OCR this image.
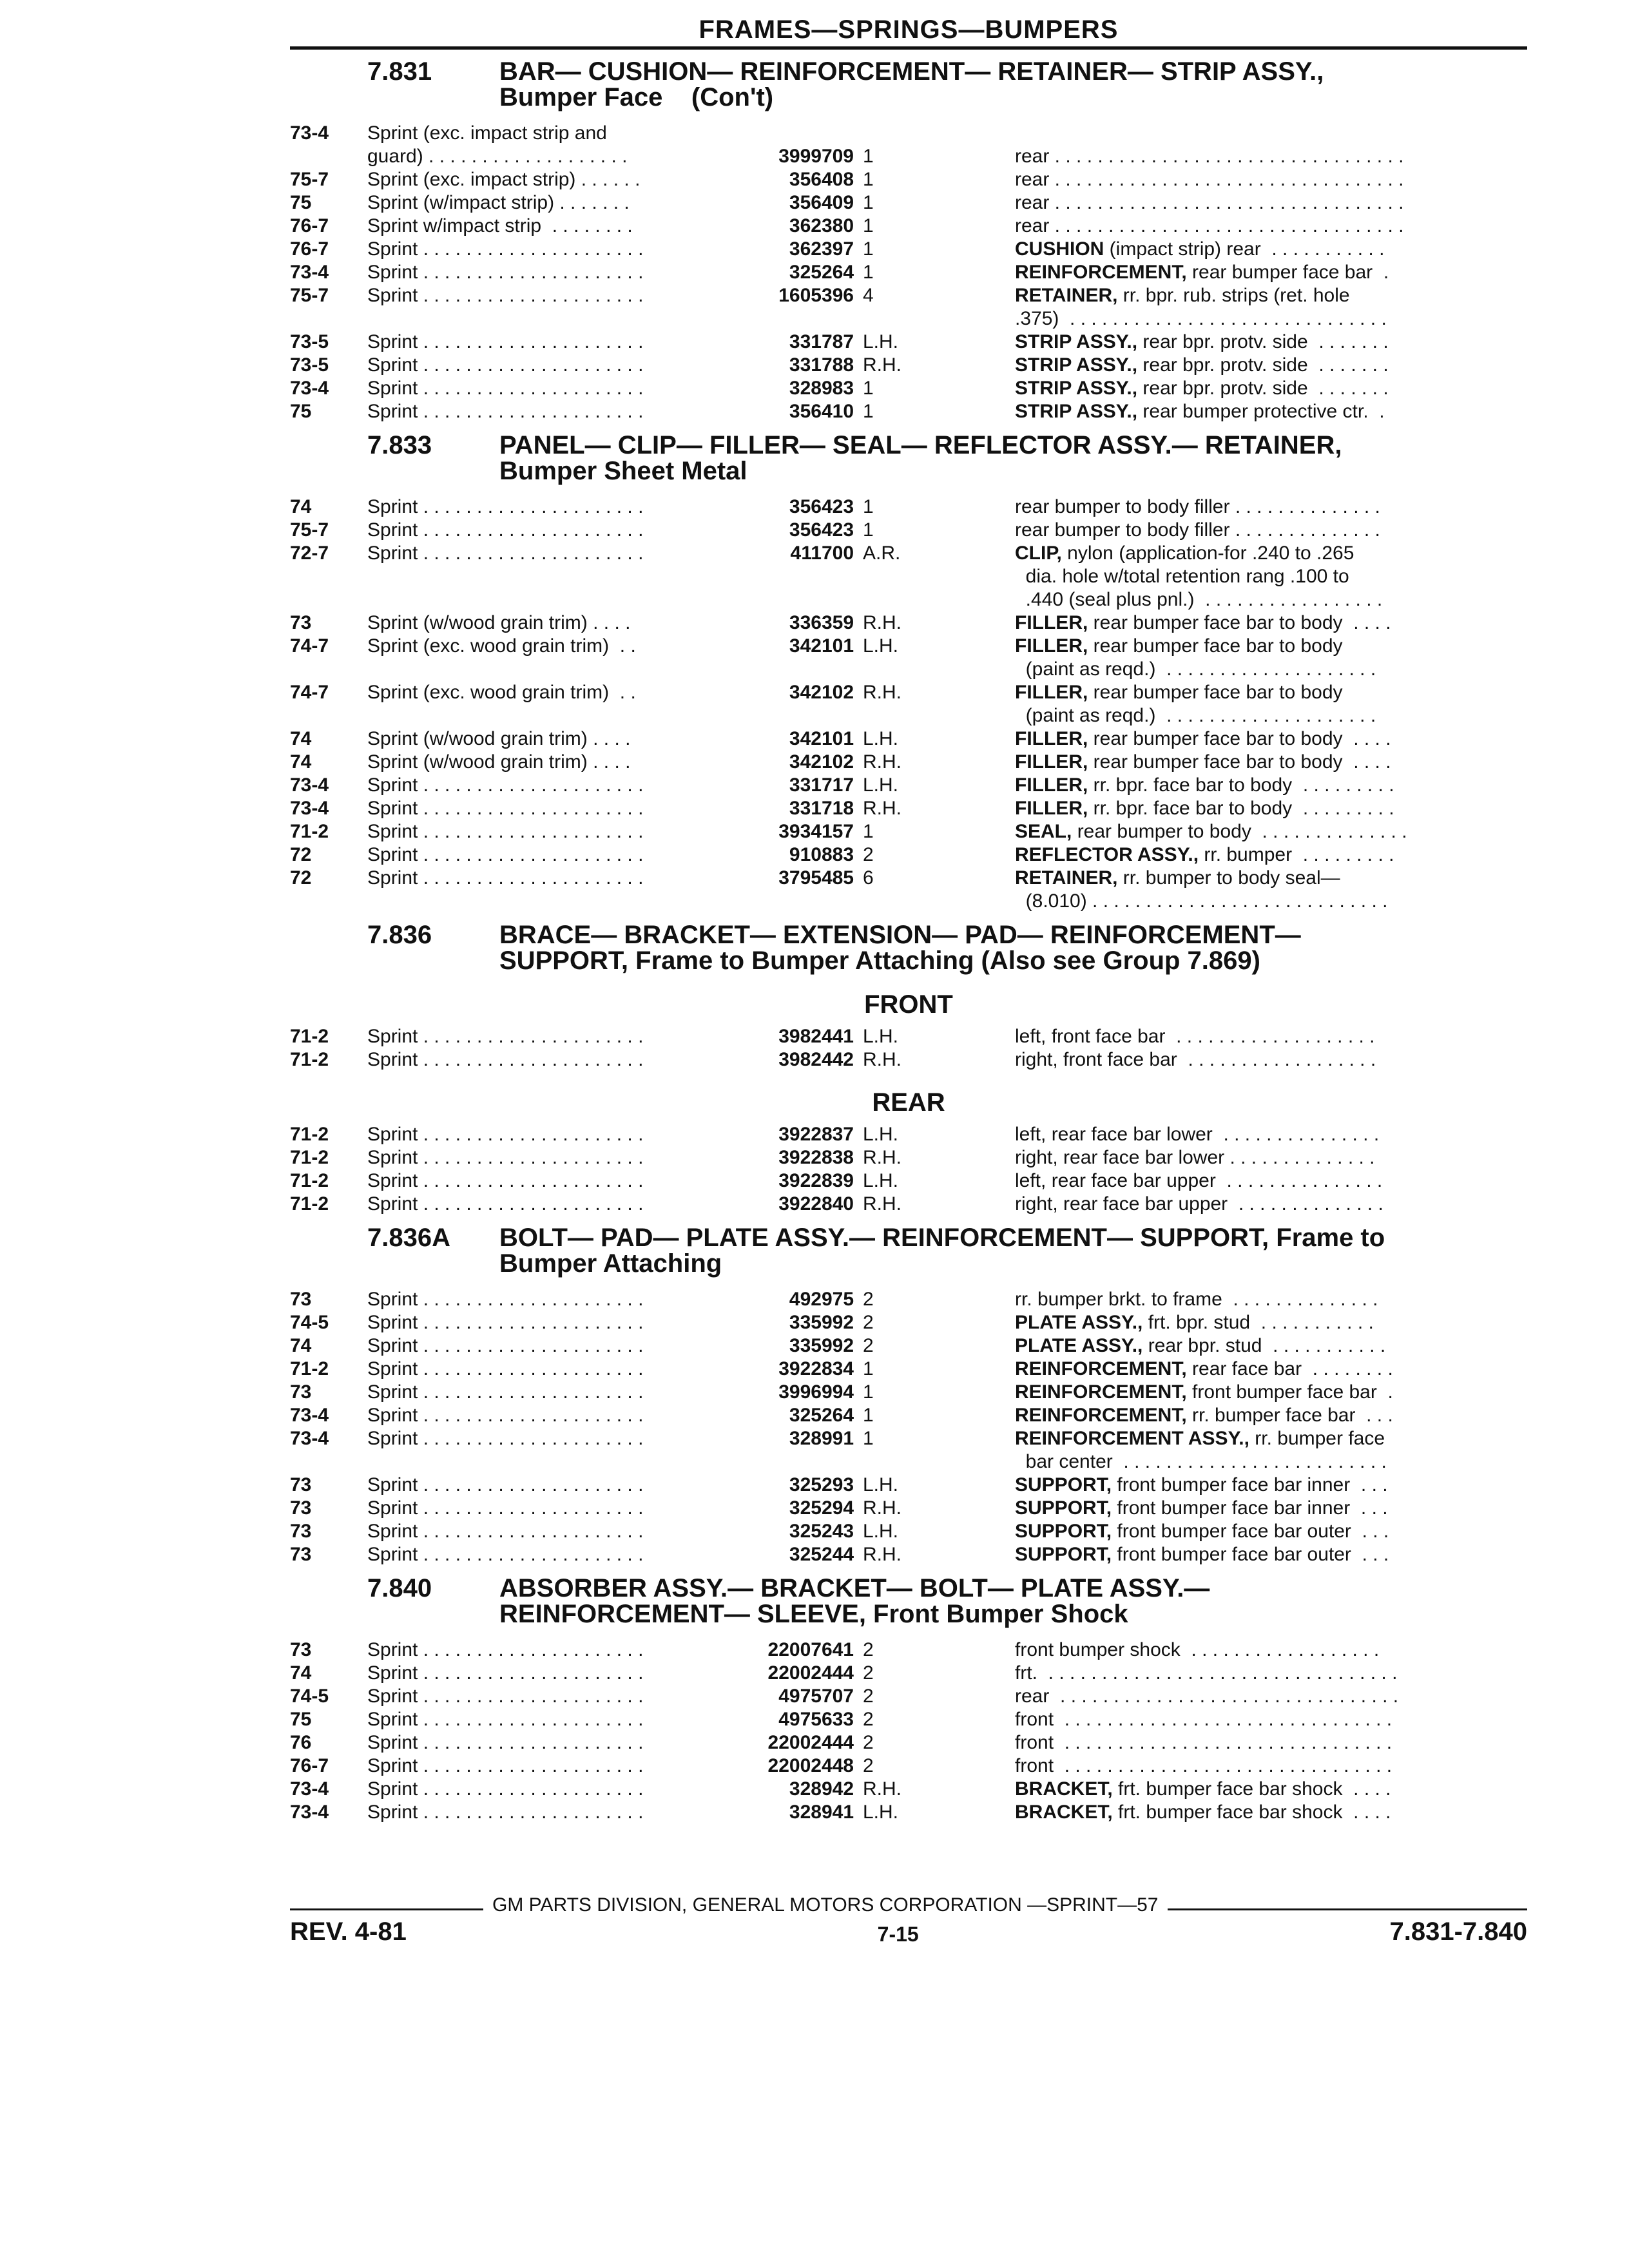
FRAMES—SPRINGS—BUMPERS
7.831	BAR— CUSHION— REINFORCEMENT— RETAINER— STRIP ASSY.,
Bumper Face    (Con't)
73-4	Sprint (exc. impact strip and
guard) . . . . . . . . . . . . . . . . . . .	3999709 1	rear . . . . . . . . . . . . . . . . . . . . . . . . . . . . . . . . .
75-7	Sprint (exc. impact strip) . . . . . .	356408 1	rear . . . . . . . . . . . . . . . . . . . . . . . . . . . . . . . . .
75	Sprint (w/impact strip) . . . . . . .	356409 1	rear . . . . . . . . . . . . . . . . . . . . . . . . . . . . . . . . .
76-7	Sprint w/impact strip  . . . . . . . .	362380 1	rear . . . . . . . . . . . . . . . . . . . . . . . . . . . . . . . . .
76-7	Sprint . . . . . . . . . . . . . . . . . . . . .	362397 1	CUSHION (impact strip) rear  . . . . . . . . . . .
73-4	Sprint . . . . . . . . . . . . . . . . . . . . .	325264 1	REINFORCEMENT, rear bumper face bar  .
75-7	Sprint . . . . . . . . . . . . . . . . . . . . .	1605396 4	RETAINER, rr. bpr. rub. strips (ret. hole
.375)  . . . . . . . . . . . . . . . . . . . . . . . . . . . . . .
73-5	Sprint . . . . . . . . . . . . . . . . . . . . .	331787 L.H.	STRIP ASSY., rear bpr. protv. side  . . . . . . .
73-5	Sprint . . . . . . . . . . . . . . . . . . . . .	331788 R.H.	STRIP ASSY., rear bpr. protv. side  . . . . . . .
73-4	Sprint . . . . . . . . . . . . . . . . . . . . .	328983 1	STRIP ASSY., rear bpr. protv. side  . . . . . . .
75	Sprint . . . . . . . . . . . . . . . . . . . . .	356410 1	STRIP ASSY., rear bumper protective ctr.  .
7.833	PANEL— CLIP— FILLER— SEAL— REFLECTOR ASSY.— RETAINER,
Bumper Sheet Metal
74	Sprint . . . . . . . . . . . . . . . . . . . . .	356423 1	rear bumper to body filler . . . . . . . . . . . . . .
75-7	Sprint . . . . . . . . . . . . . . . . . . . . .	356423 1	rear bumper to body filler . . . . . . . . . . . . . .
72-7	Sprint . . . . . . . . . . . . . . . . . . . . .	411700 A.R.	CLIP, nylon (application-for .240 to .265
dia. hole w/total retention rang .100 to
.440 (seal plus pnl.)  . . . . . . . . . . . . . . . . .
73	Sprint (w/wood grain trim) . . . .	336359 R.H.	FILLER, rear bumper face bar to body  . . . .
74-7	Sprint (exc. wood grain trim)  . .	342101 L.H.	FILLER, rear bumper face bar to body
(paint as reqd.)  . . . . . . . . . . . . . . . . . . . .
74-7	Sprint (exc. wood grain trim)  . .	342102 R.H.	FILLER, rear bumper face bar to body
(paint as reqd.)  . . . . . . . . . . . . . . . . . . . .
74	Sprint (w/wood grain trim) . . . .	342101 L.H.	FILLER, rear bumper face bar to body  . . . .
74	Sprint (w/wood grain trim) . . . .	342102 R.H.	FILLER, rear bumper face bar to body  . . . .
73-4	Sprint . . . . . . . . . . . . . . . . . . . . .	331717 L.H.	FILLER, rr. bpr. face bar to body  . . . . . . . . .
73-4	Sprint . . . . . . . . . . . . . . . . . . . . .	331718 R.H.	FILLER, rr. bpr. face bar to body  . . . . . . . . .
71-2	Sprint . . . . . . . . . . . . . . . . . . . . .	3934157 1	SEAL, rear bumper to body  . . . . . . . . . . . . . .
72	Sprint . . . . . . . . . . . . . . . . . . . . .	910883 2	REFLECTOR ASSY., rr. bumper  . . . . . . . . .
72	Sprint . . . . . . . . . . . . . . . . . . . . .	3795485 6	RETAINER, rr. bumper to body seal—
(8.010) . . . . . . . . . . . . . . . . . . . . . . . . . . . .
7.836	BRACE— BRACKET— EXTENSION— PAD— REINFORCEMENT—
SUPPORT, Frame to Bumper Attaching (Also see Group 7.869)
FRONT
71-2	Sprint . . . . . . . . . . . . . . . . . . . . .	3982441 L.H.	left, front face bar  . . . . . . . . . . . . . . . . . . .
71-2	Sprint . . . . . . . . . . . . . . . . . . . . .	3982442 R.H.	right, front face bar  . . . . . . . . . . . . . . . . . .
REAR
71-2	Sprint . . . . . . . . . . . . . . . . . . . . .	3922837 L.H.	left, rear face bar lower  . . . . . . . . . . . . . . .
71-2	Sprint . . . . . . . . . . . . . . . . . . . . .	3922838 R.H.	right, rear face bar lower . . . . . . . . . . . . . .
71-2	Sprint . . . . . . . . . . . . . . . . . . . . .	3922839 L.H.	left, rear face bar upper  . . . . . . . . . . . . . . .
71-2	Sprint . . . . . . . . . . . . . . . . . . . . .	3922840 R.H.	right, rear face bar upper  . . . . . . . . . . . . . .
7.836A	BOLT— PAD— PLATE ASSY.— REINFORCEMENT— SUPPORT, Frame to
Bumper Attaching
73	Sprint . . . . . . . . . . . . . . . . . . . . .	492975 2	rr. bumper brkt. to frame  . . . . . . . . . . . . . .
74-5	Sprint . . . . . . . . . . . . . . . . . . . . .	335992 2	PLATE ASSY., frt. bpr. stud  . . . . . . . . . . .
74	Sprint . . . . . . . . . . . . . . . . . . . . .	335992 2	PLATE ASSY., rear bpr. stud  . . . . . . . . . . .
71-2	Sprint . . . . . . . . . . . . . . . . . . . . .	3922834 1	REINFORCEMENT, rear face bar  . . . . . . . .
73	Sprint . . . . . . . . . . . . . . . . . . . . .	3996994 1	REINFORCEMENT, front bumper face bar  .
73-4	Sprint . . . . . . . . . . . . . . . . . . . . .	325264 1	REINFORCEMENT, rr. bumper face bar  . . .
73-4	Sprint . . . . . . . . . . . . . . . . . . . . .	328991 1	REINFORCEMENT ASSY., rr. bumper face
bar center  . . . . . . . . . . . . . . . . . . . . . . . . .
73	Sprint . . . . . . . . . . . . . . . . . . . . .	325293 L.H.	SUPPORT, front bumper face bar inner  . . .
73	Sprint . . . . . . . . . . . . . . . . . . . . .	325294 R.H.	SUPPORT, front bumper face bar inner  . . .
73	Sprint . . . . . . . . . . . . . . . . . . . . .	325243 L.H.	SUPPORT, front bumper face bar outer  . . .
73	Sprint . . . . . . . . . . . . . . . . . . . . .	325244 R.H.	SUPPORT, front bumper face bar outer  . . .
7.840	ABSORBER ASSY.— BRACKET— BOLT— PLATE ASSY.—
REINFORCEMENT— SLEEVE, Front Bumper Shock
73	Sprint . . . . . . . . . . . . . . . . . . . . .	22007641 2	front bumper shock  . . . . . . . . . . . . . . . . . .
74	Sprint . . . . . . . . . . . . . . . . . . . . .	22002444 2	frt.  . . . . . . . . . . . . . . . . . . . . . . . . . . . . . . . . .
74-5	Sprint . . . . . . . . . . . . . . . . . . . . .	4975707 2	rear  . . . . . . . . . . . . . . . . . . . . . . . . . . . . . . . .
75	Sprint . . . . . . . . . . . . . . . . . . . . .	4975633 2	front  . . . . . . . . . . . . . . . . . . . . . . . . . . . . . . .
76	Sprint . . . . . . . . . . . . . . . . . . . . .	22002444 2	front  . . . . . . . . . . . . . . . . . . . . . . . . . . . . . . .
76-7	Sprint . . . . . . . . . . . . . . . . . . . . .	22002448 2	front  . . . . . . . . . . . . . . . . . . . . . . . . . . . . . . .
73-4	Sprint . . . . . . . . . . . . . . . . . . . . .	328942 R.H.	BRACKET, frt. bumper face bar shock  . . . .
73-4	Sprint . . . . . . . . . . . . . . . . . . . . .	328941 L.H.	BRACKET, frt. bumper face bar shock  . . . .
GM PARTS DIVISION, GENERAL MOTORS CORPORATION —SPRINT—57
REV. 4-81	7-15	7.831-7.840
